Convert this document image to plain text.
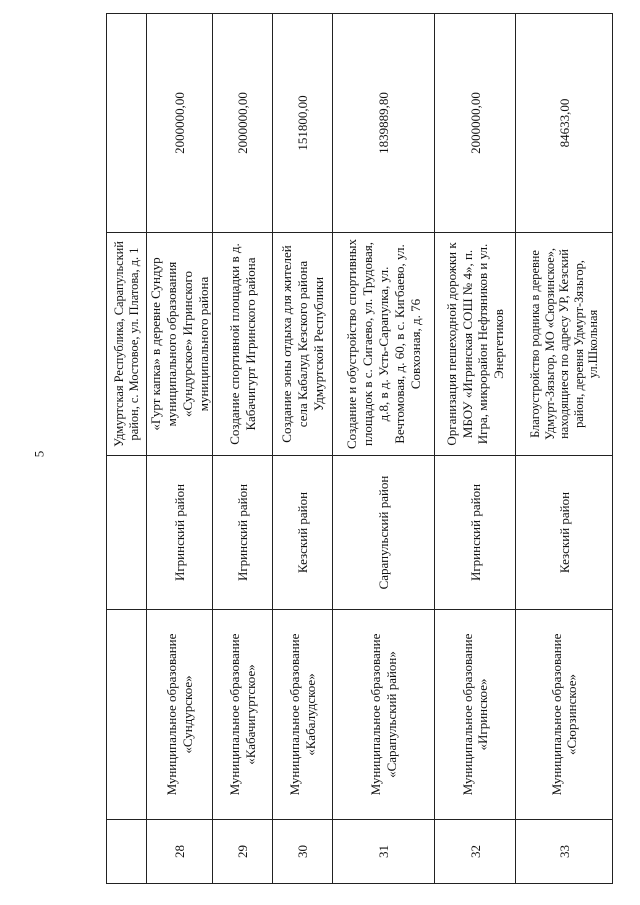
5
			Удмуртская Республика, Сарапульский район, с. Мостовое, ул. Платова, д. 1	
28	Муниципальное образование «Сундурское»	Игринский район	«Гурт капка» в деревне Сундур муниципального образования «Сундурское» Игринского муниципального района	2000000,00
29	Муниципальное образование «Кабачигуртское»	Игринский район	Создание спортивной площадки в д. Кабачигурт Игринского района	2000000,00
30	Муниципальное образование «Кабалудское»	Кезский район	Создание зоны отдыха для жителей села Кабалуд Кезского района Удмуртской Республики	151800,00
31	Муниципальное образование «Сарапульский район»	Сарапульский район	Создание и обустройство спортивных площадок в с. Сигаево, ул. Трудовая, д.8, в д. Усть-Сарапулка, ул. Вечтомовая, д. 60, в с. Кигбаево, ул. Совхозная, д. 76	1839889,80
32	Муниципальное образование «Игринское»	Игринский район	Организация пешеходной дорожки к МБОУ «Игринская СОШ № 4», п. Игра, микрорайон Нефтяников и ул. Энергетиков	2000000,00
33	Муниципальное образование «Сюрзинское»	Кезский район	Благоустройство родника в деревне Удмурт-Зязьгор, МО «Сюрзинское», находящиеся по адресу УР, Кезский район, деревня Удмурт-Зязьгор, ул.Школьная	84633,00
